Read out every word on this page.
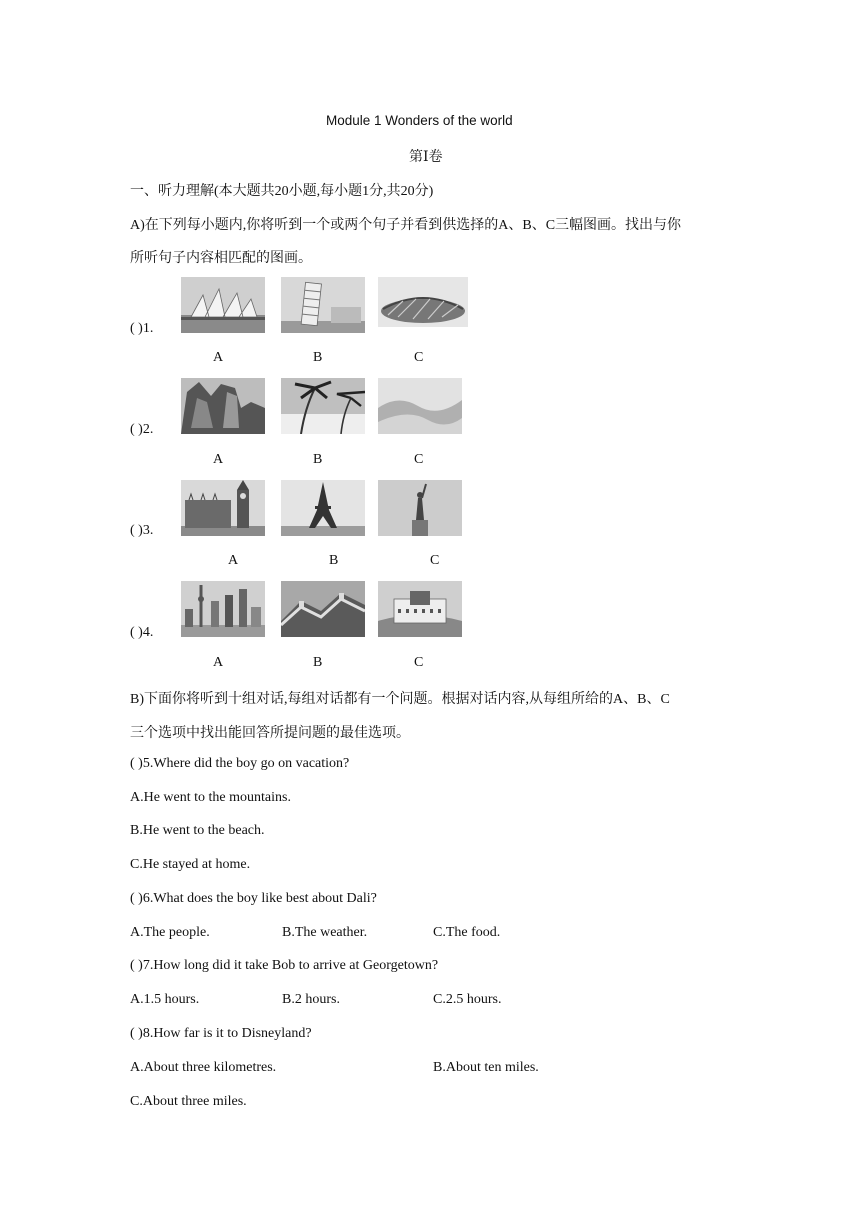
Module 1 Wonders of the world
第Ⅰ卷
一、听力理解(本大题共20小题,每小题1分,共20分)
A)在下列每小题内,你将听到一个或两个句子并看到供选择的A、B、C三幅图画。找出与你
所听句子内容相匹配的图画。
( )1.
A	B	C
( )2.
A	B	C
( )3.
A	B	C
( )4.
A	B	C
B)下面你将听到十组对话,每组对话都有一个问题。根据对话内容,从每组所给的A、B、C
三个选项中找出能回答所提问题的最佳选项。
( )5.Where did the boy go on vacation?
A.He went to the mountains.
B.He went to the beach.
C.He stayed at home.
( )6.What does the boy like best about Dali?
A.The people.	B.The weather.	C.The food.
( )7.How long did it take Bob to arrive at Georgetown?
A.1.5 hours.	B.2 hours.	C.2.5 hours.
( )8.How far is it to Disneyland?
A.About three kilometres.	B.About ten miles.
C.About three miles.
